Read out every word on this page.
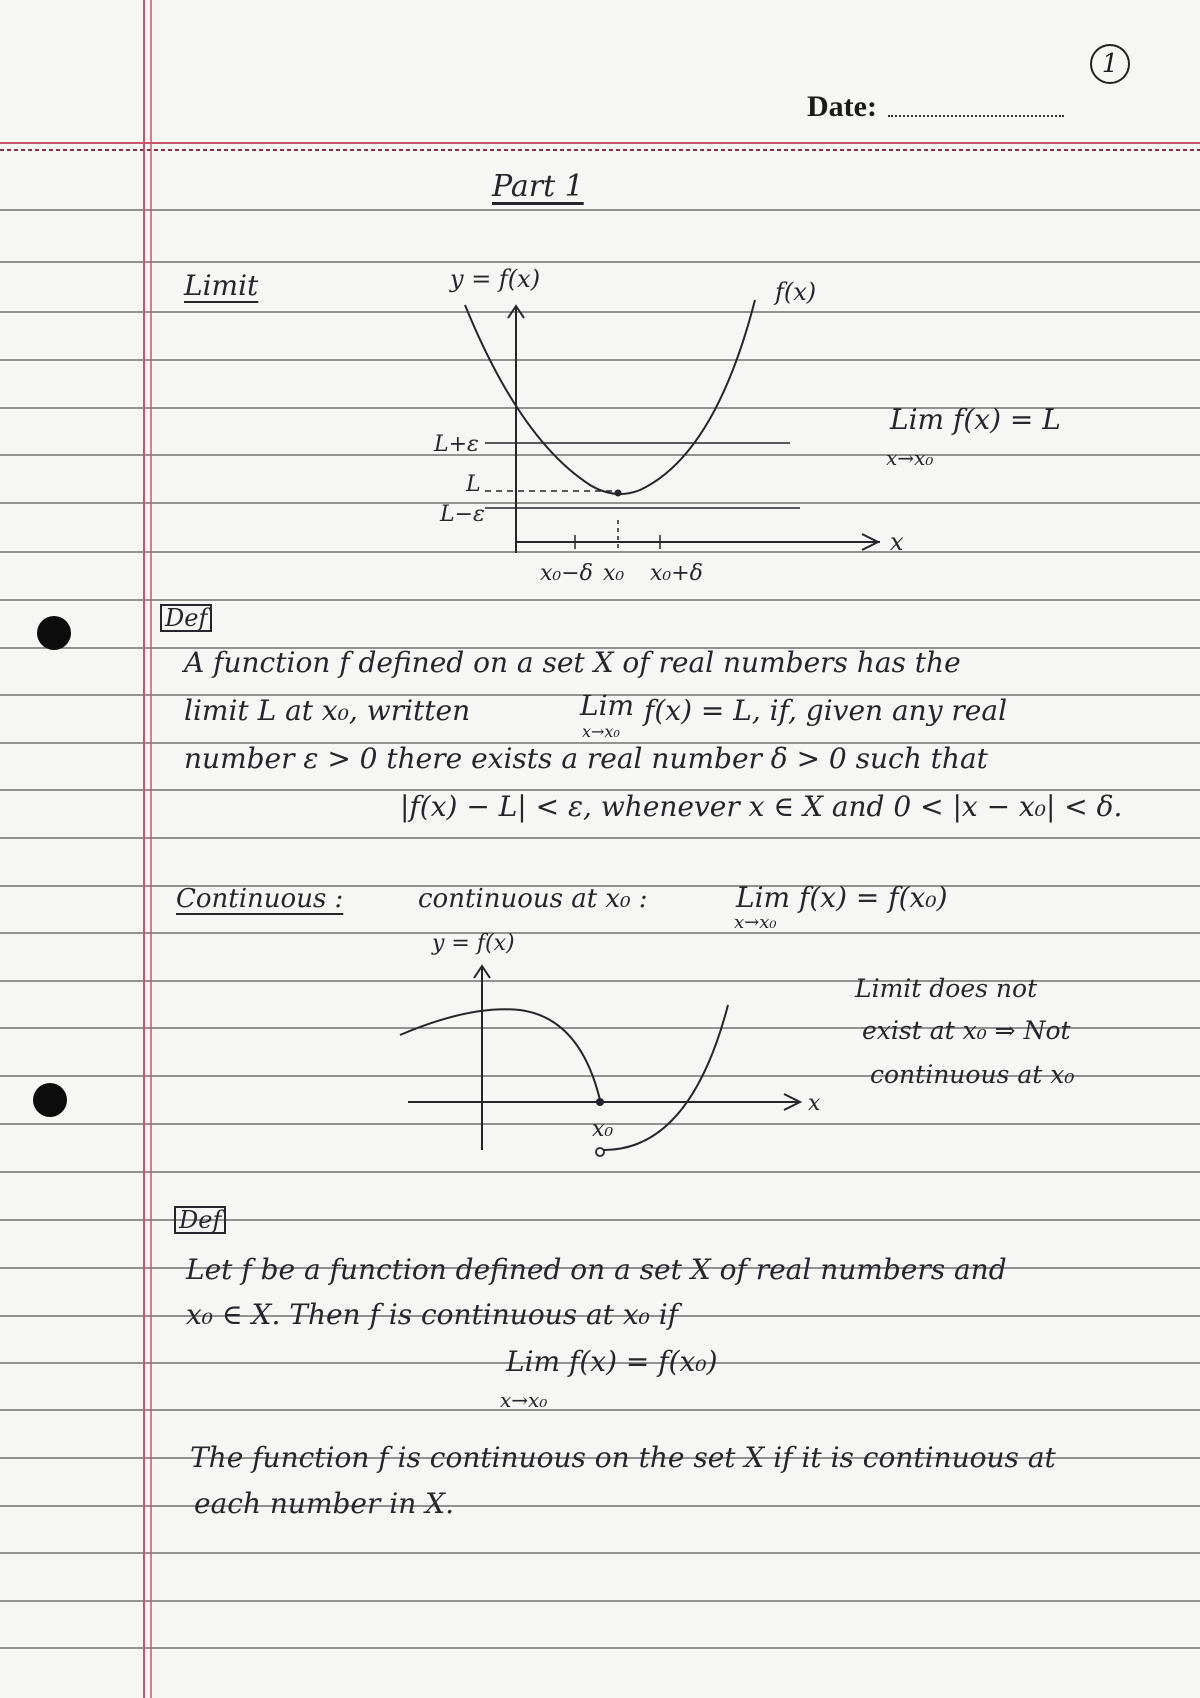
1
Date:
Part 1
Limit	f(x)
y = f(x)
L+ε
L
L−ε
x₀−δ x₀ x₀+δ
x
Lim f(x) = L
x→x₀
Def
A function f defined on a set X of real numbers has the
limit L at x₀, written	Lim
x→x₀
f(x) = L, if, given any real
number ε > 0 there exists a real number δ > 0 such that
|f(x) − L| < ε, whenever x ∈ X and 0 < |x − x₀| < δ.
Continuous :	continuous at x₀ :	Lim f(x) = f(x₀)
x→x₀
y = f(x)
x
x₀
Limit does not
exist at x₀ ⇒ Not
continuous at x₀
Def
Let f be a function defined on a set X of real numbers and
x₀ ∈ X. Then f is continuous at x₀ if
Lim f(x) = f(x₀)
x→x₀
The function f is continuous on the set X if it is continuous at
each number in X.
